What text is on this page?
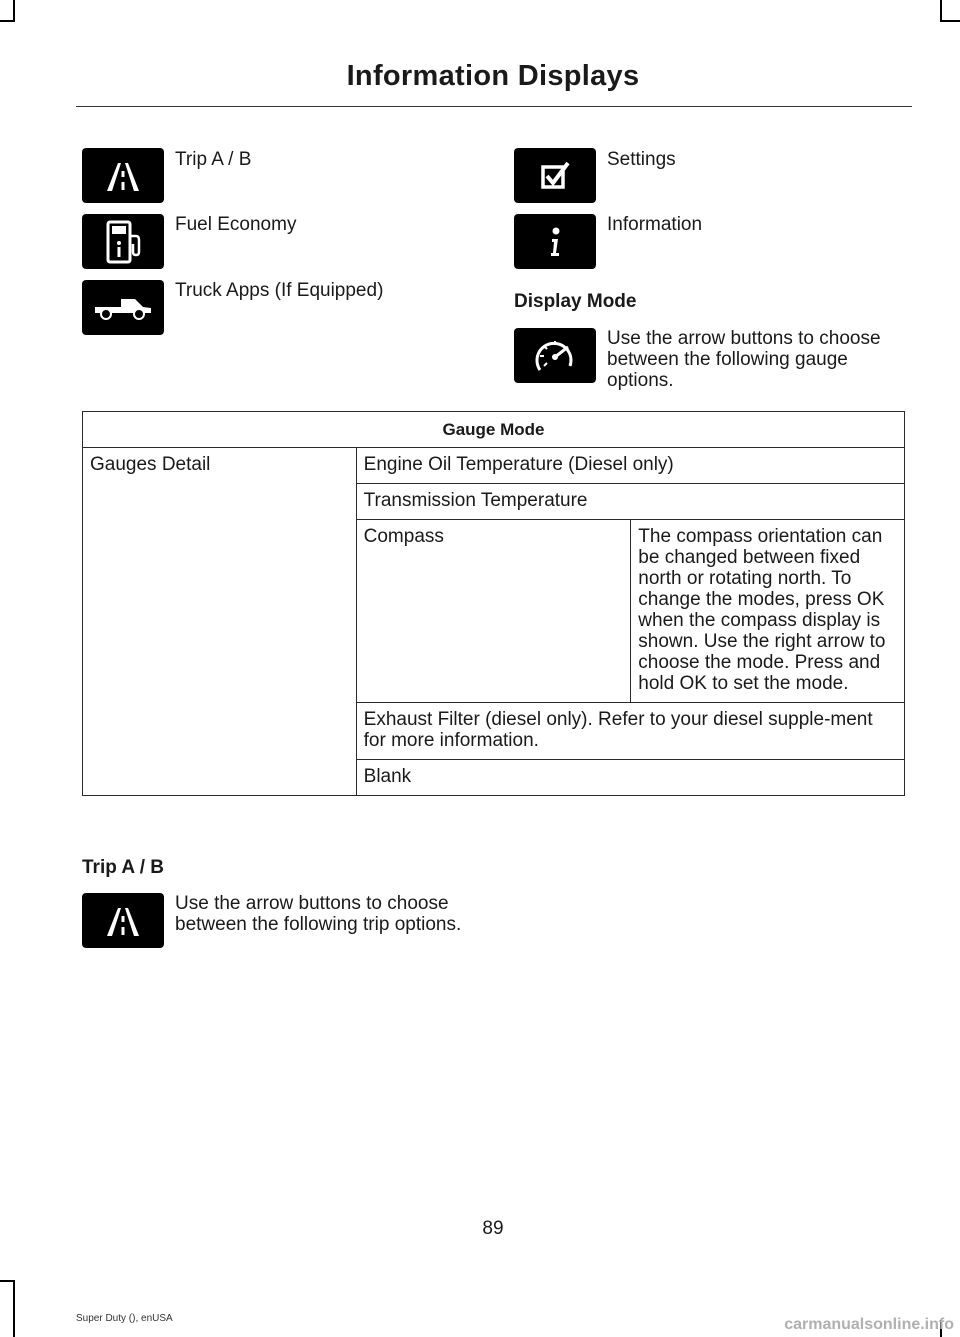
Information Displays
Trip A / B
Fuel Economy
Truck Apps (If Equipped)
Settings
Information
Display Mode
Use the arrow buttons to choose between the following gauge options.
Gauge Mode		
Gauges Detail	Engine Oil Temperature (Diesel only)	
	Transmission Temperature	
	Compass	The compass orientation can be changed between fixed north or rotating north. To change the modes, press OK when the compass display is shown. Use the right arrow to choose the mode. Press and hold OK to set the mode.
	Exhaust Filter (diesel only). Refer to your diesel supple-ment for more information.	
	Blank	
Trip A / B
Use the arrow buttons to choose between the following trip options.
89
Super Duty (), enUSA	carmanualsonline.info
